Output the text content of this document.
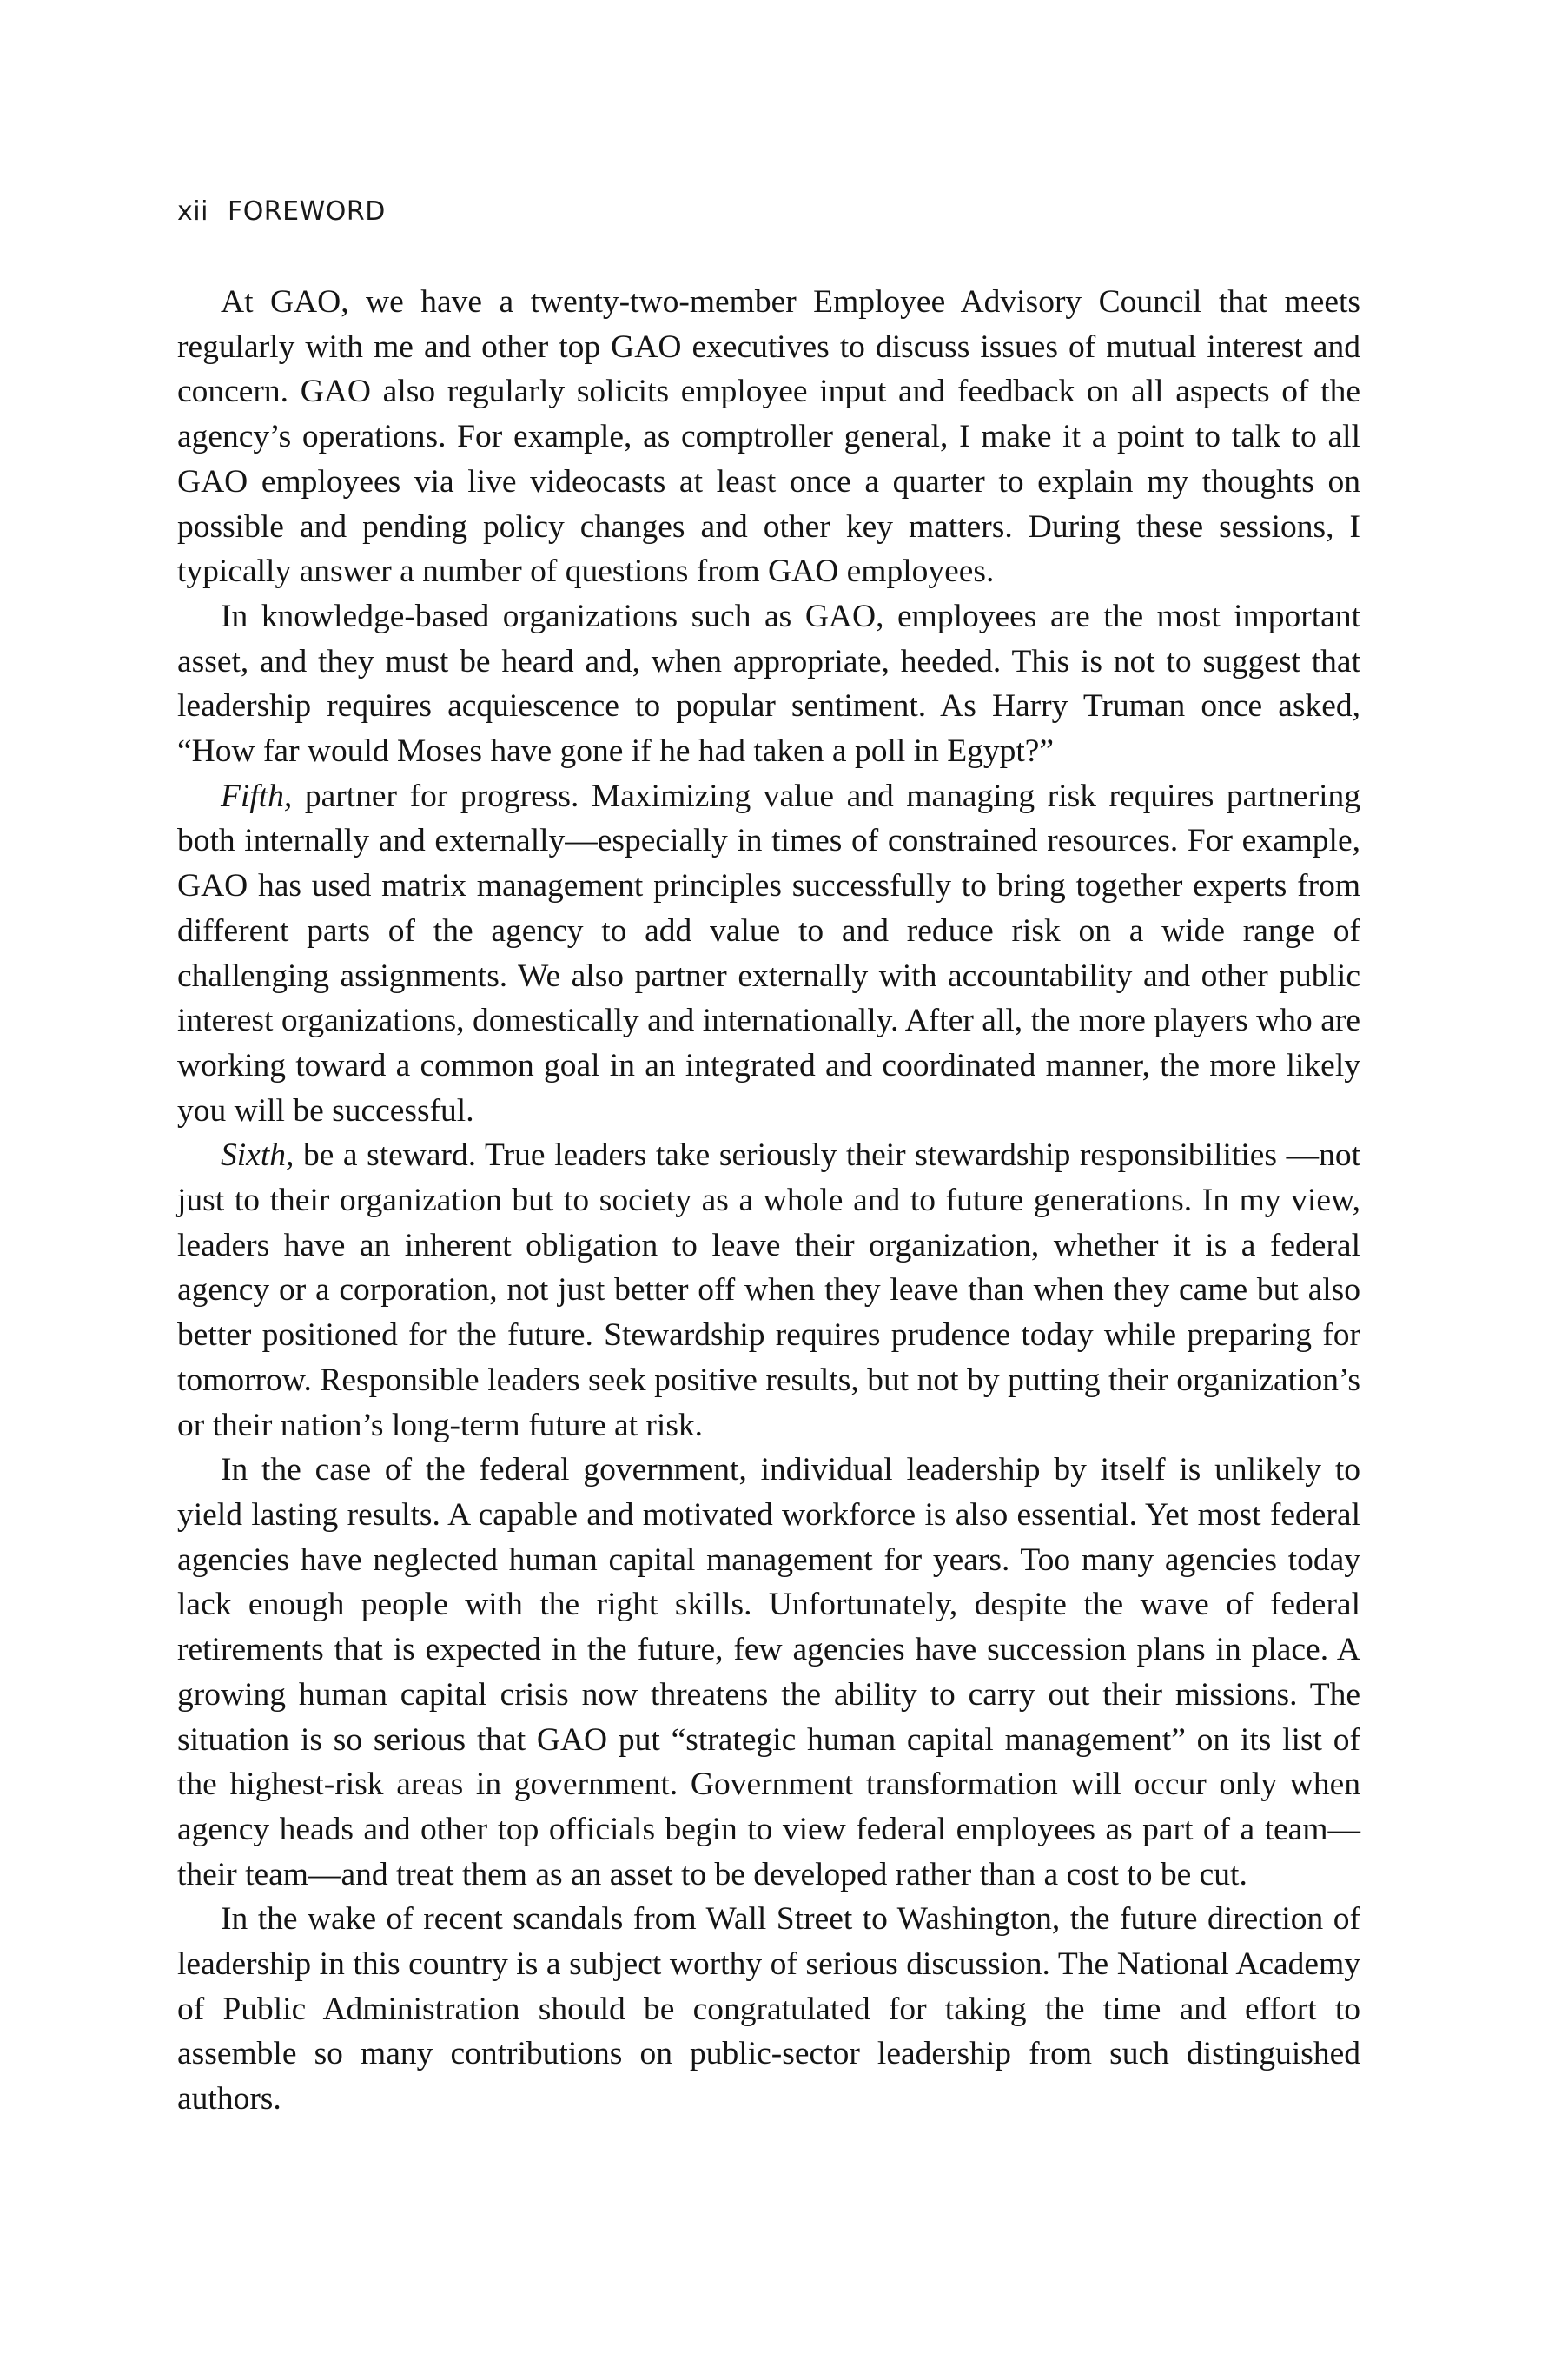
xii FOREWORD

At GAO, we have a twenty-two-member Employee Advisory Council that meets regularly with me and other top GAO executives to discuss issues of mutual interest and concern. GAO also regularly solicits employee input and feedback on all aspects of the agency’s operations. For example, as comptroller general, I make it a point to talk to all GAO employees via live videocasts at least once a quarter to explain my thoughts on possible and pending policy changes and other key matters. During these sessions, I typically answer a number of questions from GAO employees.

In knowledge-based organizations such as GAO, employees are the most important asset, and they must be heard and, when appropriate, heeded. This is not to suggest that leadership requires acquiescence to popular sentiment. As Harry Truman once asked, “How far would Moses have gone if he had taken a poll in Egypt?”

Fifth, partner for progress. Maximizing value and managing risk requires partnering both internally and externally—especially in times of constrained resources. For example, GAO has used matrix management principles successfully to bring together experts from different parts of the agency to add value to and reduce risk on a wide range of challenging assignments. We also partner externally with accountability and other public interest organizations, domestically and internationally. After all, the more players who are working toward a common goal in an integrated and coordinated manner, the more likely you will be successful.

Sixth, be a steward. True leaders take seriously their stewardship responsibilities —not just to their organization but to society as a whole and to future generations. In my view, leaders have an inherent obligation to leave their organization, whether it is a federal agency or a corporation, not just better off when they leave than when they came but also better positioned for the future. Stewardship requires prudence today while preparing for tomorrow. Responsible leaders seek positive results, but not by putting their organization’s or their nation’s long-term future at risk.

In the case of the federal government, individual leadership by itself is unlikely to yield lasting results. A capable and motivated workforce is also essential. Yet most federal agencies have neglected human capital management for years. Too many agencies today lack enough people with the right skills. Unfortunately, despite the wave of federal retirements that is expected in the future, few agencies have succession plans in place. A growing human capital crisis now threatens the ability to carry out their missions. The situation is so serious that GAO put “strategic human capital management” on its list of the highest-risk areas in government. Government transformation will occur only when agency heads and other top officials begin to view federal employees as part of a team—their team—and treat them as an asset to be developed rather than a cost to be cut.

In the wake of recent scandals from Wall Street to Washington, the future direction of leadership in this country is a subject worthy of serious discussion. The National Academy of Public Administration should be congratulated for taking the time and effort to assemble so many contributions on public-sector leadership from such distinguished authors.
